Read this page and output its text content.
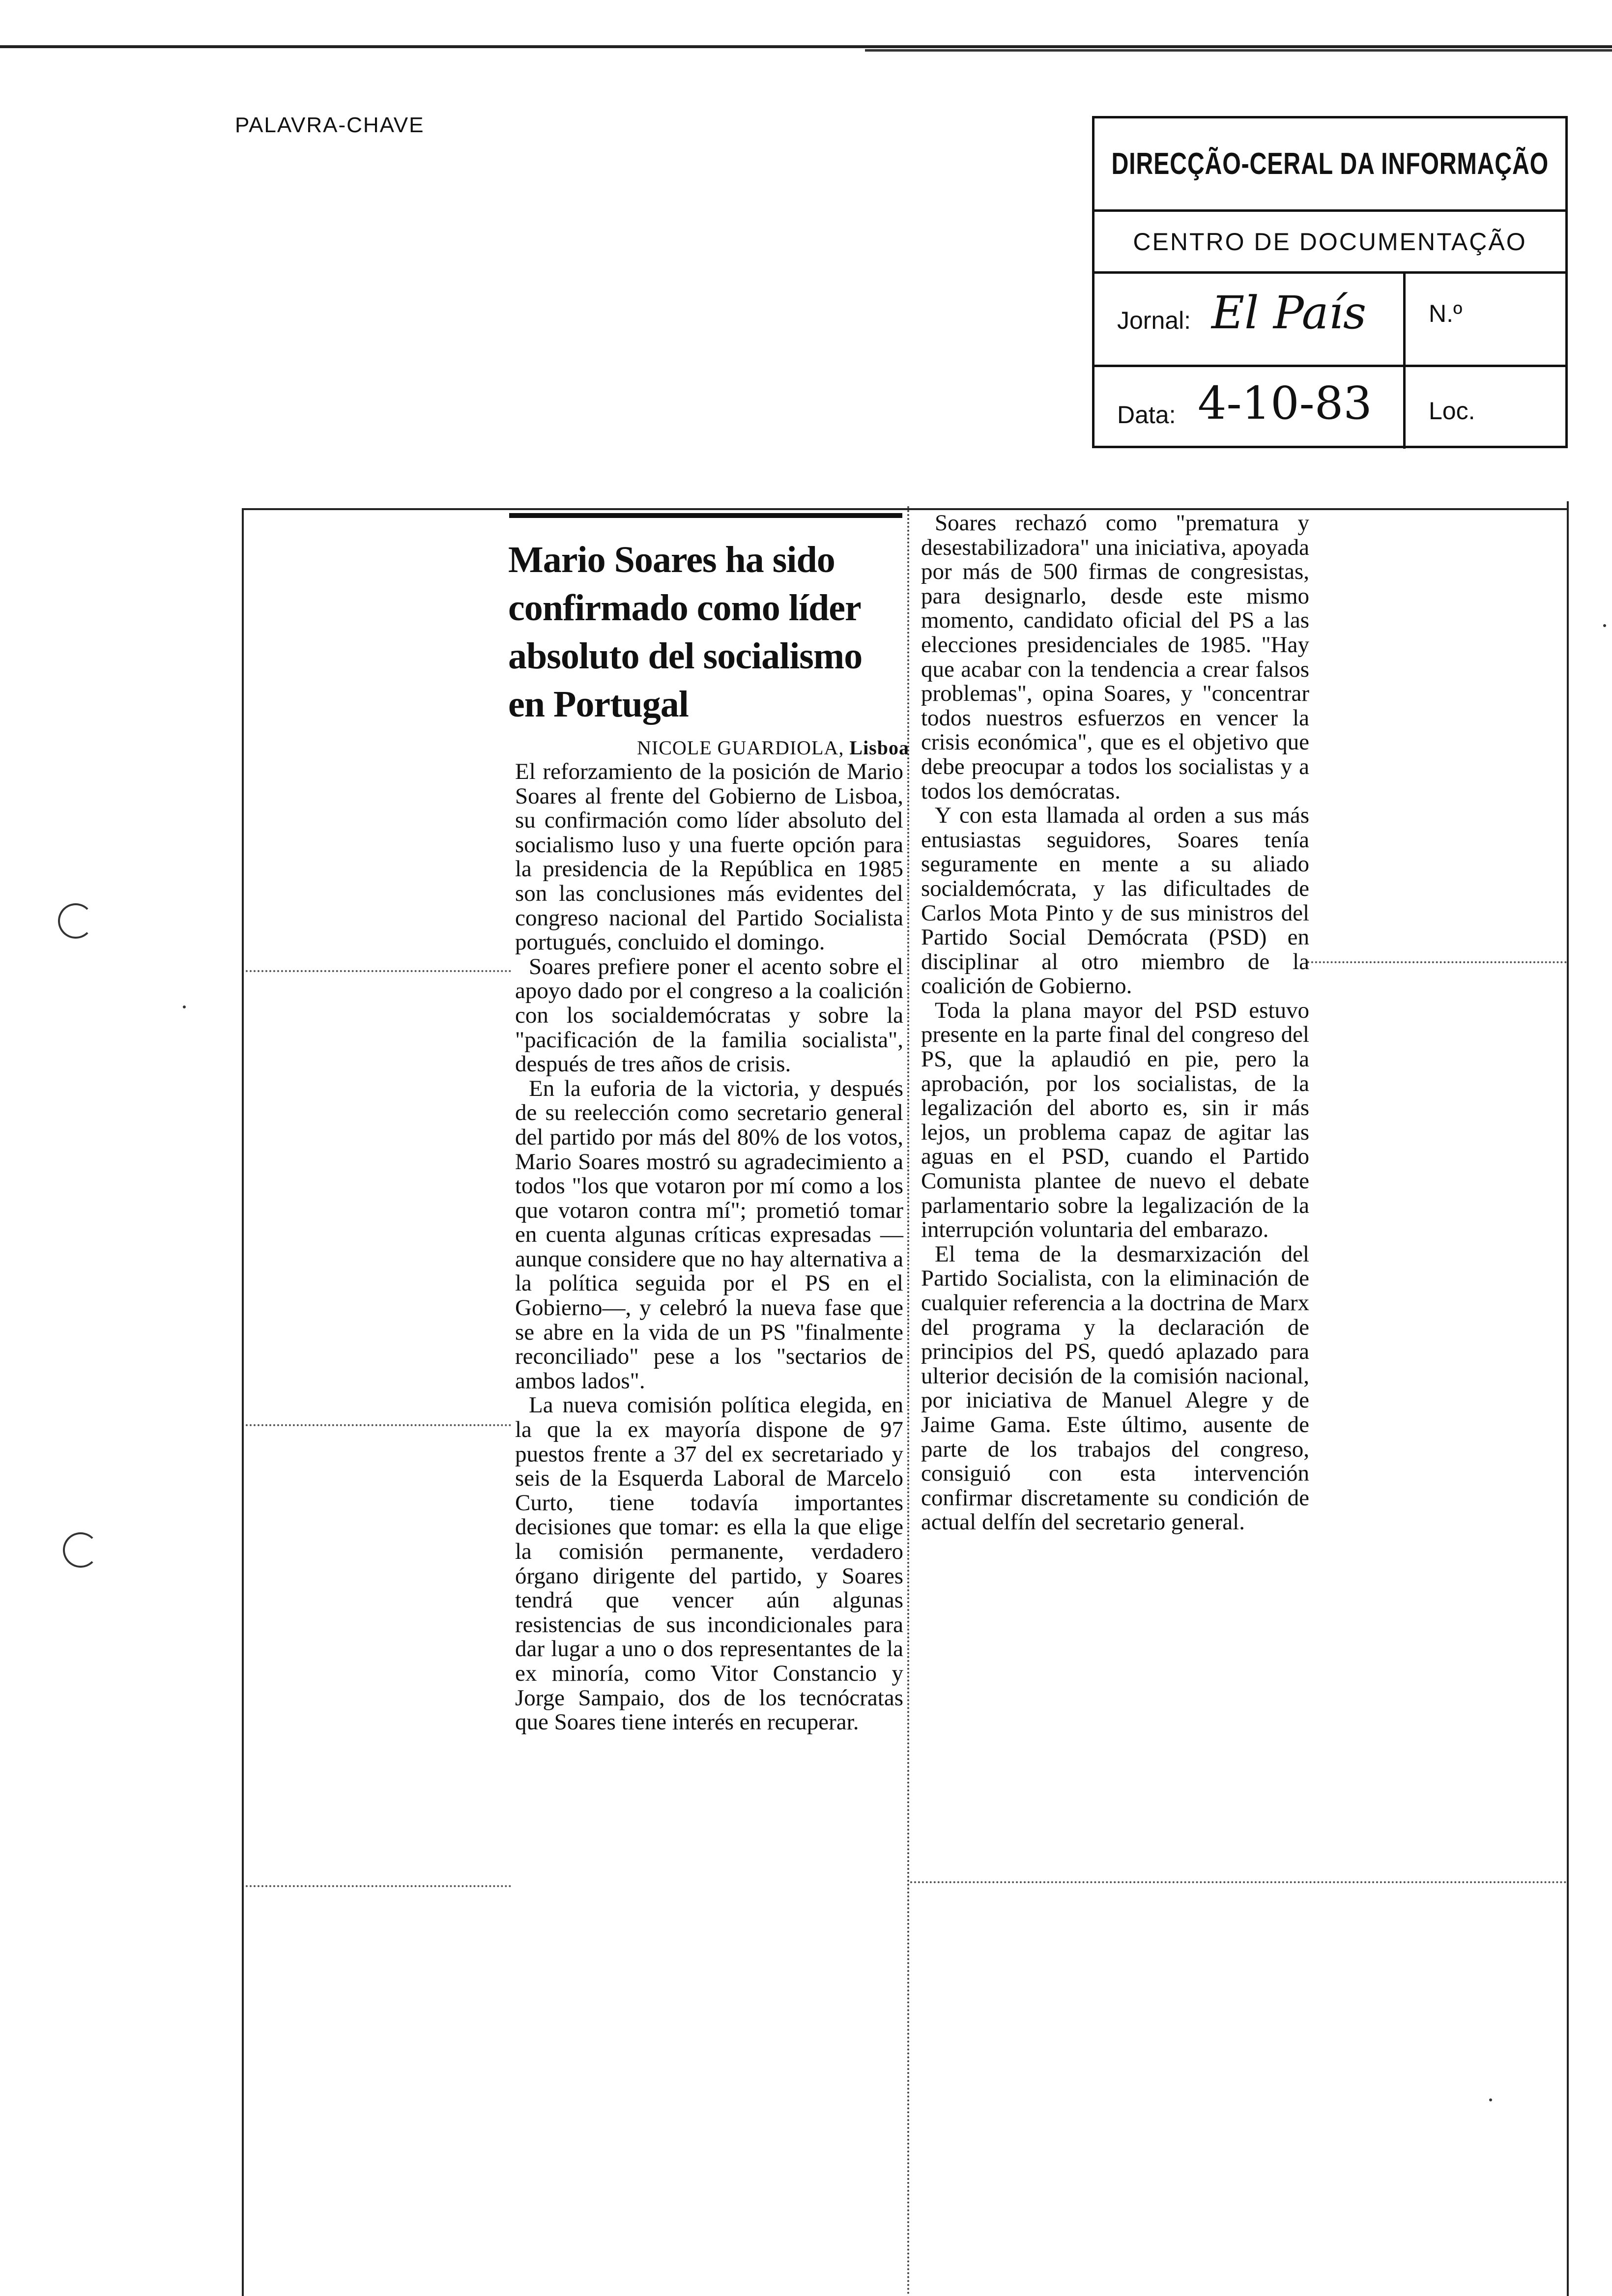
PALAVRA-CHAVE
DIRECÇÃO-CERAL DA INFORMAÇÃO
CENTRO DE DOCUMENTAÇÃO
Jornal: El País	N.º
Data: 4-10-83 Loc.
Mario Soares ha sido confirmado como líder absoluto del socialismo en Portugal
NICOLE GUARDIOLA, Lisboa

El reforzamiento de la posición de Mario Soares al frente del Gobierno de Lisboa, su confirmación como líder absoluto del socialismo luso y una fuerte opción para la presidencia de la República en 1985 son las conclusiones más evidentes del congreso nacional del Partido Socialista portugués, concluido el domingo.

Soares prefiere poner el acento sobre el apoyo dado por el congreso a la coalición con los socialdemócratas y sobre la "pacificación de la familia socialista", después de tres años de crisis.

En la euforia de la victoria, y después de su reelección como secretario general del partido por más del 80% de los votos, Mario Soares mostró su agradecimiento a todos "los que votaron por mí como a los que votaron contra mí"; prometió tomar en cuenta algunas críticas expresadas —aunque considere que no hay alternativa a la política seguida por el PS en el Gobierno—, y celebró la nueva fase que se abre en la vida de un PS "finalmente reconciliado" pese a los "sectarios de ambos lados".

La nueva comisión política elegida, en la que la ex mayoría dispone de 97 puestos frente a 37 del ex secretariado y seis de la Esquerda Laboral de Marcelo Curto, tiene todavía importantes decisiones que tomar: es ella la que elige la comisión permanente, verdadero órgano dirigente del partido, y Soares tendrá que vencer aún algunas resistencias de sus incondicionales para dar lugar a uno o dos representantes de la ex minoría, como Vitor Constancio y Jorge Sampaio, dos de los tecnócratas que Soares tiene interés en recuperar.

Soares rechazó como "prematura y desestabilizadora" una iniciativa, apoyada por más de 500 firmas de congresistas, para designarlo, desde este mismo momento, candidato oficial del PS a las elecciones presidenciales de 1985. "Hay que acabar con la tendencia a crear falsos problemas", opina Soares, y "concentrar todos nuestros esfuerzos en vencer la crisis económica", que es el objetivo que debe preocupar a todos los socialistas y a todos los demócratas.

Y con esta llamada al orden a sus más entusiastas seguidores, Soares tenía seguramente en mente a su aliado socialdemócrata, y las dificultades de Carlos Mota Pinto y de sus ministros del Partido Social Demócrata (PSD) en disciplinar al otro miembro de la coalición de Gobierno.

Toda la plana mayor del PSD estuvo presente en la parte final del congreso del PS, que la aplaudió en pie, pero la aprobación, por los socialistas, de la legalización del aborto es, sin ir más lejos, un problema capaz de agitar las aguas en el PSD, cuando el Partido Comunista plantee de nuevo el debate parlamentario sobre la legalización de la interrupción voluntaria del embarazo.

El tema de la desmarxización del Partido Socialista, con la eliminación de cualquier referencia a la doctrina de Marx del programa y la declaración de principios del PS, quedó aplazado para ulterior decisión de la comisión nacional, por iniciativa de Manuel Alegre y de Jaime Gama. Este último, ausente de parte de los trabajos del congreso, consiguió con esta intervención confirmar discretamente su condición de actual delfín del secretario general.
